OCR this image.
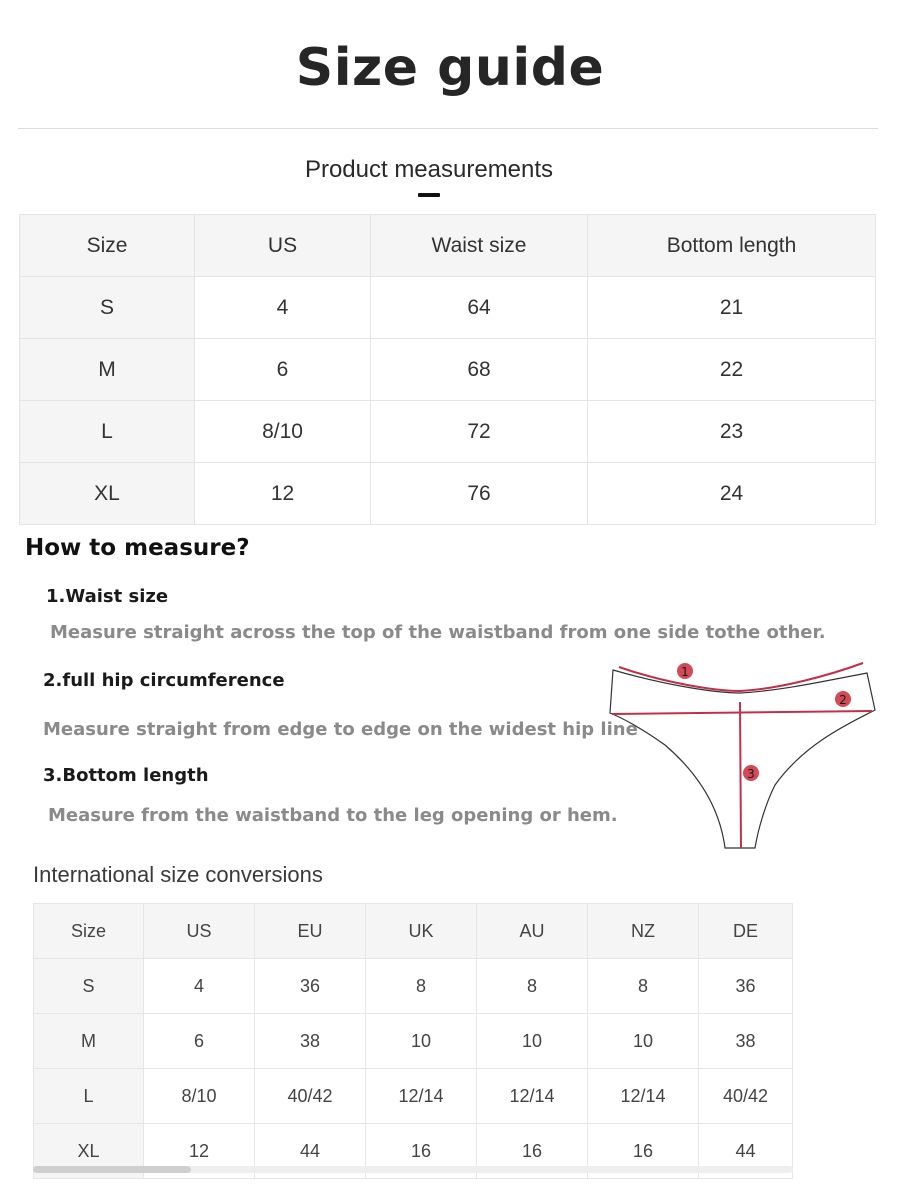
Size guide
Product measurements
Size	US	Waist size	Bottom length
S	4	64	21
M	6	68	22
L	8/10	72	23
XL	12	76	24
How to measure?
1.Waist size
Measure straight across the top of the waistband from one side tothe other.
2.full hip circumference
Measure straight from edge to edge on the widest hip line
3.Bottom length
Measure from the waistband to the leg opening or hem.
1
2
3
International size conversions
Size	US	EU	UK	AU	NZ	DE
S	4	36	8	8	8	36
M	6	38	10	10	10	38
L	8/10	40/42	12/14	12/14	12/14	40/42
XL	12	44	16	16	16	44
